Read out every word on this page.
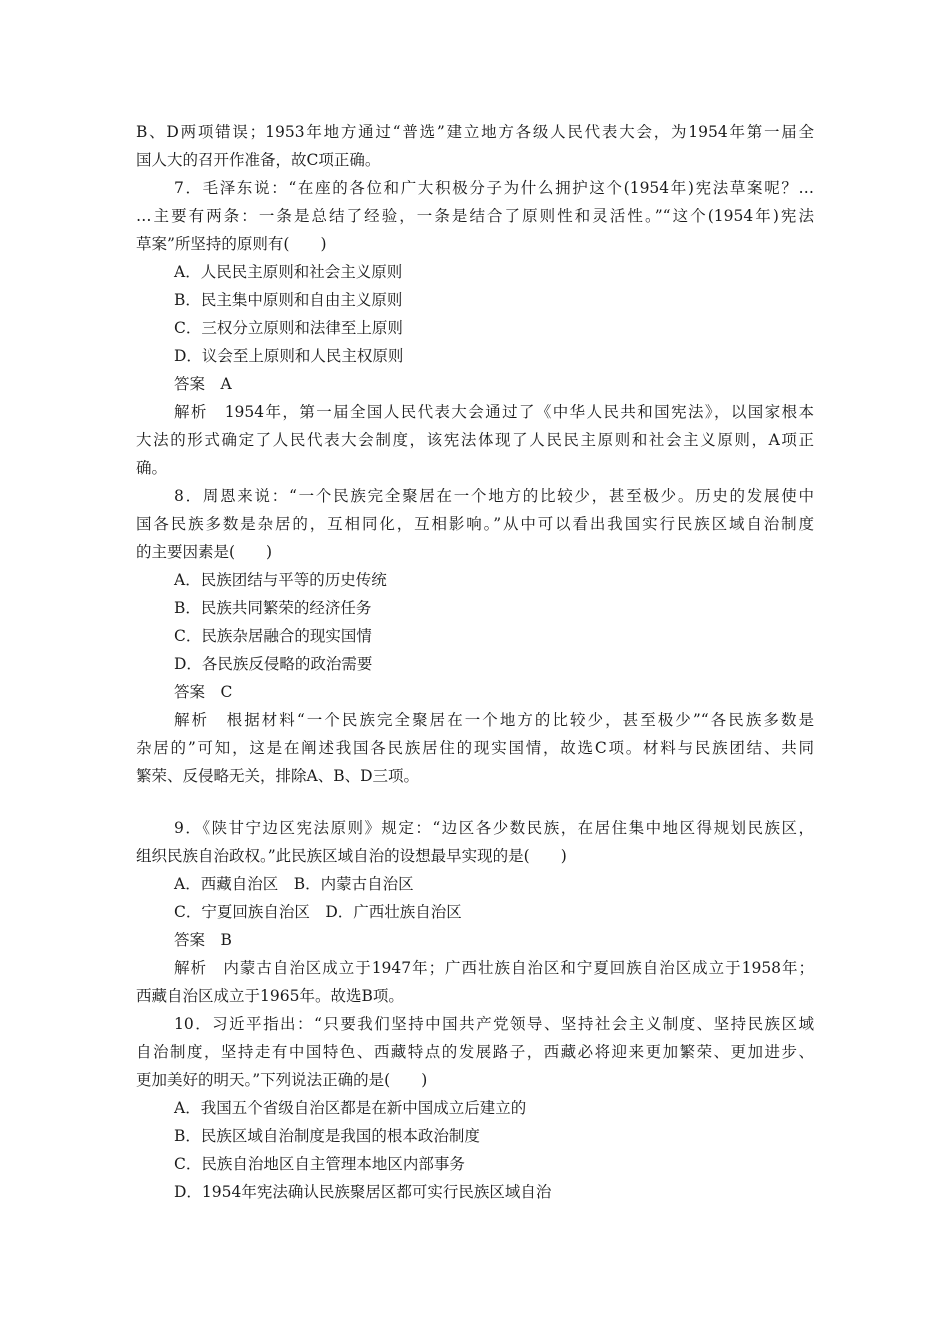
B、D两项错误；1953年地方通过“普选”建立地方各级人民代表大会，为1954年第一届全
国人大的召开作准备，故C项正确。
7．毛泽东说：“在座的各位和广大积极分子为什么拥护这个(1954年)宪法草案呢？…
…主要有两条：一条是总结了经验，一条是结合了原则性和灵活性。”“这个(1954年)宪法
草案”所坚持的原则有(　　)
A．人民民主原则和社会主义原则
B．民主集中原则和自由主义原则
C．三权分立原则和法律至上原则
D．议会至上原则和人民主权原则
答案　A
解析　1954年，第一届全国人民代表大会通过了《中华人民共和国宪法》，以国家根本
大法的形式确定了人民代表大会制度，该宪法体现了人民民主原则和社会主义原则，A项正
确。
8．周恩来说：“一个民族完全聚居在一个地方的比较少，甚至极少。历史的发展使中
国各民族多数是杂居的，互相同化，互相影响。”从中可以看出我国实行民族区域自治制度
的主要因素是(　　)
A．民族团结与平等的历史传统
B．民族共同繁荣的经济任务
C．民族杂居融合的现实国情
D．各民族反侵略的政治需要
答案　C
解析　根据材料“一个民族完全聚居在一个地方的比较少，甚至极少”“各民族多数是
杂居的”可知，这是在阐述我国各民族居住的现实国情，故选C项。材料与民族团结、共同
繁荣、反侵略无关，排除A、B、D三项。
9．《陕甘宁边区宪法原则》规定：“边区各少数民族，在居住集中地区得规划民族区，
组织民族自治政权。”此民族区域自治的设想最早实现的是(　　)
A．西藏自治区　B．内蒙古自治区
C．宁夏回族自治区　D．广西壮族自治区
答案　B
解析　内蒙古自治区成立于1947年；广西壮族自治区和宁夏回族自治区成立于1958年；
西藏自治区成立于1965年。故选B项。
10．习近平指出：“只要我们坚持中国共产党领导、坚持社会主义制度、坚持民族区域
自治制度，坚持走有中国特色、西藏特点的发展路子，西藏必将迎来更加繁荣、更加进步、
更加美好的明天。”下列说法正确的是(　　)
A．我国五个省级自治区都是在新中国成立后建立的
B．民族区域自治制度是我国的根本政治制度
C．民族自治地区自主管理本地区内部事务
D．1954年宪法确认民族聚居区都可实行民族区域自治
